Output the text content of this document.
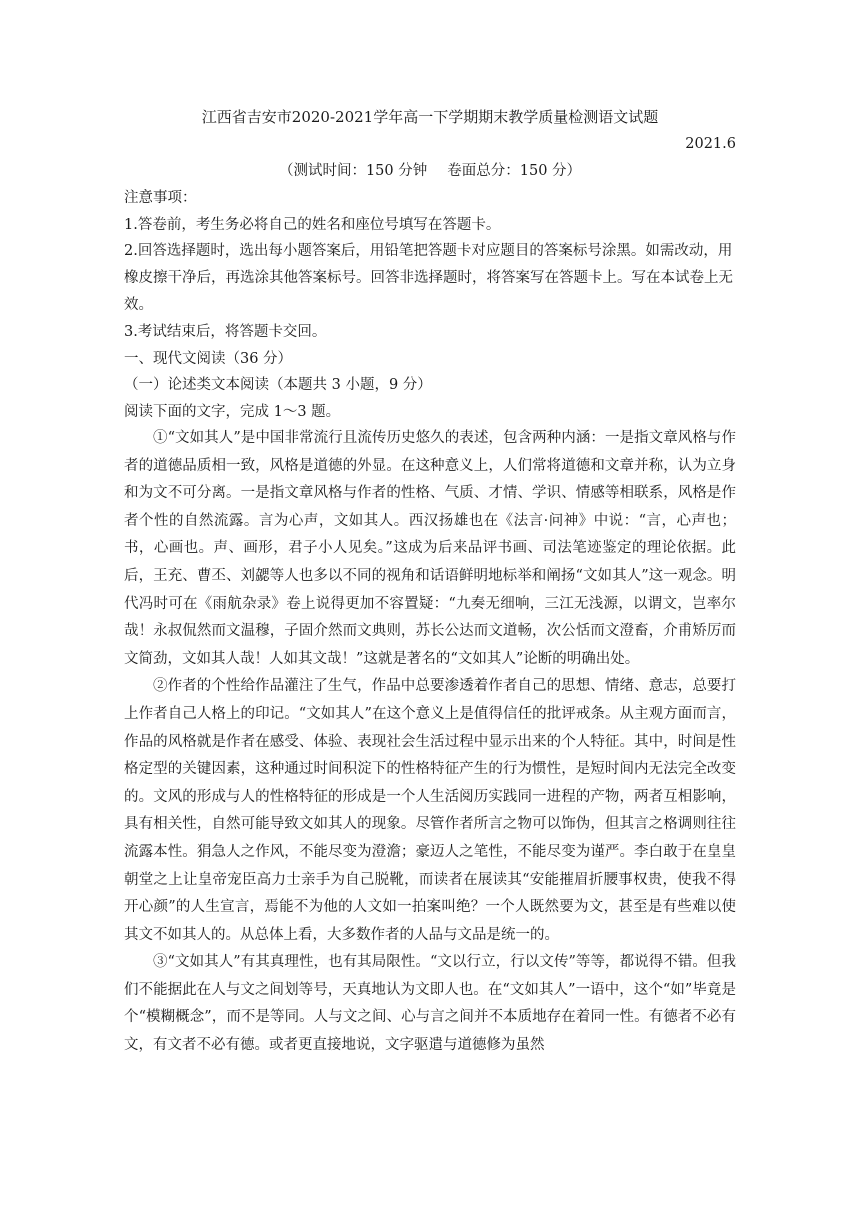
江西省吉安市2020-2021学年高一下学期期末教学质量检测语文试题
2021.6
（测试时间：150 分钟 卷面总分：150 分）
注意事项：
1.答卷前，考生务必将自己的姓名和座位号填写在答题卡。
2.回答选择题时，选出每小题答案后，用铅笔把答题卡对应题目的答案标号涂黑。如需改动，用橡皮擦干净后，再选涂其他答案标号。回答非选择题时，将答案写在答题卡上。写在本试卷上无效。
3.考试结束后，将答题卡交回。
一、现代文阅读（36 分）
（一）论述类文本阅读（本题共 3 小题，9 分）
阅读下面的文字，完成 1～3 题。

①“文如其人”是中国非常流行且流传历史悠久的表述，包含两种内涵：一是指文章风格与作者的道德品质相一致，风格是道德的外显。在这种意义上，人们常将道德和文章并称，认为立身和为文不可分离。一是指文章风格与作者的性格、气质、才情、学识、情感等相联系，风格是作者个性的自然流露。言为心声，文如其人。西汉扬雄也在《法言·问神》中说：“言，心声也；书，心画也。声、画形，君子小人见矣。”这成为后来品评书画、司法笔迹鉴定的理论依据。此后，王充、曹丕、刘勰等人也多以不同的视角和话语鲜明地标举和阐扬“文如其人”这一观念。明代冯时可在《雨航杂录》卷上说得更加不容置疑：“九奏无细响，三江无浅源，以谓文，岂率尔哉！永叔侃然而文温穆，子固介然而文典则，苏长公达而文道畅，次公恬而文澄畜，介甫矫厉而文简劲，文如其人哉！人如其文哉！”这就是著名的“文如其人”论断的明确出处。

②作者的个性给作品灌注了生气，作品中总要渗透着作者自己的思想、情绪、意志，总要打上作者自己人格上的印记。“文如其人”在这个意义上是值得信任的批评戒条。从主观方面而言，作品的风格就是作者在感受、体验、表现社会生活过程中显示出来的个人特征。其中，时间是性格定型的关键因素，这种通过时间积淀下的性格特征产生的行为惯性，是短时间内无法完全改变的。文风的形成与人的性格特征的形成是一个人生活阅历实践同一进程的产物，两者互相影响，具有相关性，自然可能导致文如其人的现象。尽管作者所言之物可以饰伪，但其言之格调则往往流露本性。狷急人之作风，不能尽变为澄澹；豪迈人之笔性，不能尽变为谨严。李白敢于在皇皇朝堂之上让皇帝宠臣高力士亲手为自己脱靴，而读者在展读其“安能摧眉折腰事权贵，使我不得开心颜”的人生宣言，焉能不为他的人文如一拍案叫绝？一个人既然要为文，甚至是有些难以使其文不如其人的。从总体上看，大多数作者的人品与文品是统一的。

③“文如其人”有其真理性，也有其局限性。“文以行立，行以文传”等等，都说得不错。但我们不能据此在人与文之间划等号，天真地认为文即人也。在“文如其人”一语中，这个“如”毕竟是个“模糊概念”，而不是等同。人与文之间、心与言之间并不本质地存在着同一性。有德者不必有文，有文者不必有德。或者更直接地说，文字驱遣与道德修为虽然
